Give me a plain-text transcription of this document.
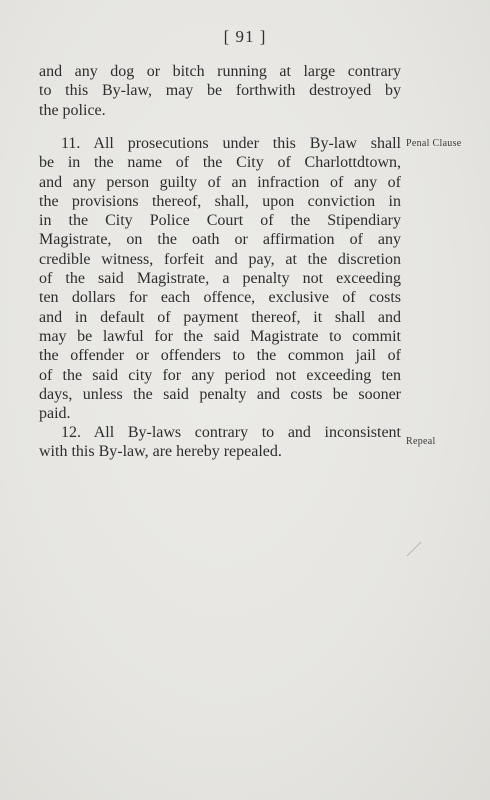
[ 91 ]
and any dog or bitch running at large contrary
to this By-law, may be forthwith destroyed by
the police.
11. All prosecutions under this By-law shall
be in the name of the City of Charlottdtown,
and any person guilty of an infraction of any of
the provisions thereof, shall, upon conviction in
in the City Police Court of the Stipendiary
Magistrate, on the oath or affirmation of any
credible witness, forfeit and pay, at the discretion
of the said Magistrate, a penalty not exceeding
ten dollars for each offence, exclusive of costs
and in default of payment thereof, it shall and
may be lawful for the said Magistrate to commit
the offender or offenders to the common jail of
of the said city for any period not exceeding ten
days, unless the said penalty and costs be sooner
paid.
12. All By-laws contrary to and inconsistent
with this By-law, are hereby repealed.
Penal Clause
Repeal
